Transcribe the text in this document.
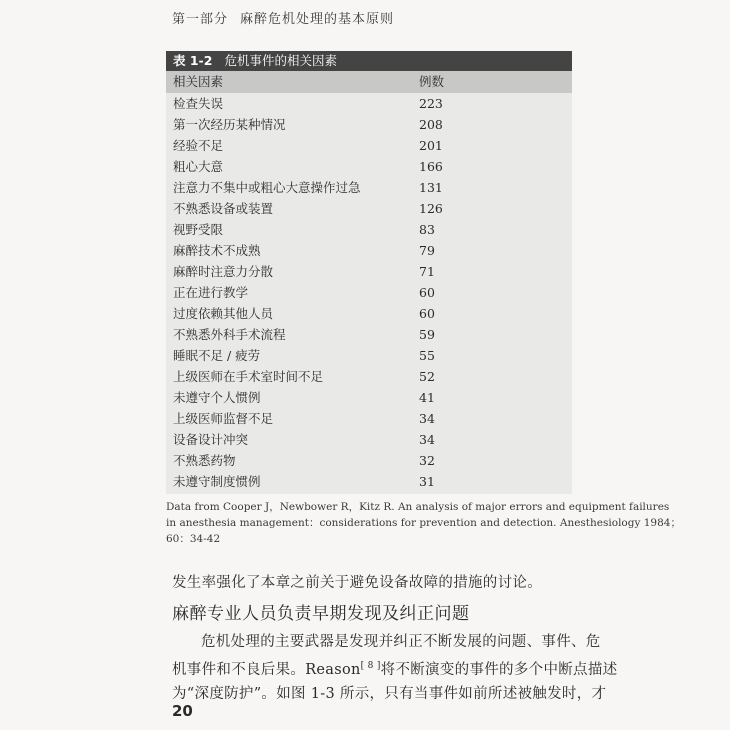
第一部分 麻醉危机处理的基本原则
表 1-2 危机事件的相关因素
相关因素	例数
检查失误	223
第一次经历某种情况	208
经验不足	201
粗心大意	166
注意力不集中或粗心大意操作过急	131
不熟悉设备或装置	126
视野受限	83
麻醉技术不成熟	79
麻醉时注意力分散	71
正在进行教学	60
过度依赖其他人员	60
不熟悉外科手术流程	59
睡眠不足 / 疲劳	55
上级医师在手术室时间不足	52
未遵守个人惯例	41
上级医师监督不足	34
设备设计冲突	34
不熟悉药物	32
未遵守制度惯例	31
Data from Cooper J，Newbower R，Kitz R. An analysis of major errors and equipment failures
in anesthesia management：considerations for prevention and detection. Anesthesiology 1984；
60：34-42
发生率强化了本章之前关于避免设备故障的措施的讨论。
麻醉专业人员负责早期发现及纠正问题
危机处理的主要武器是发现并纠正不断发展的问题、事件、危
机事件和不良后果。Reason[ 8 ]将不断演变的事件的多个中断点描述
为“深度防护”。如图 1-3 所示，只有当事件如前所述被触发时，才
20
